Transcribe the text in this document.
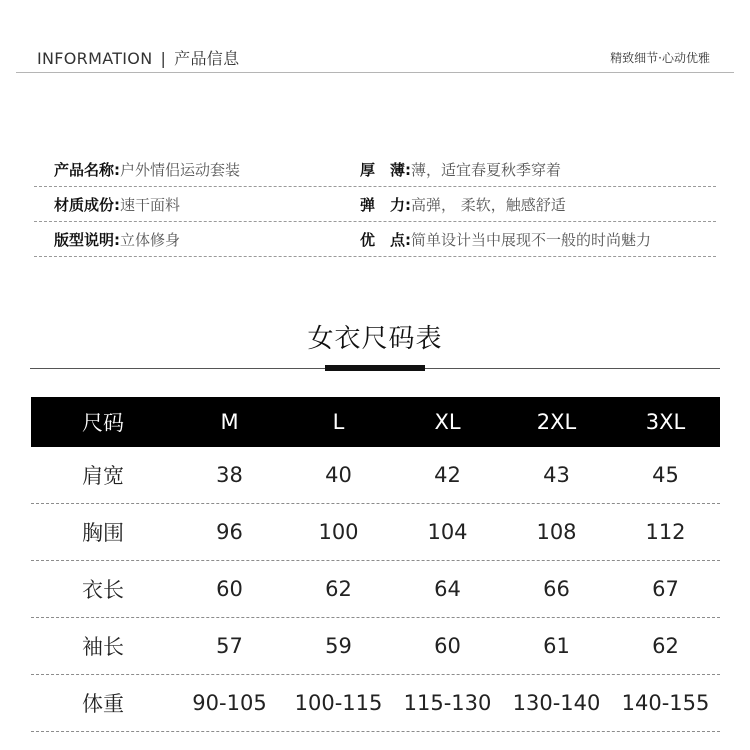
INFORMATION | 产品信息	精致细节·心动优雅
产品名称:户外情侣运动套装	厚　薄:薄，适宜春夏秋季穿着
材质成份:速干面料	弹　力:高弹， 柔软，触感舒适
版型说明:立体修身	优　点:简单设计当中展现不一般的时尚魅力
女衣尺码表
尺码	M	L	XL	2XL	3XL
肩宽	38	40	42	43	45
胸围	96	100	104	108	112
衣长	60	62	64	66	67
袖长	57	59	60	61	62
体重	90-105	100-115	115-130	130-140	140-155
